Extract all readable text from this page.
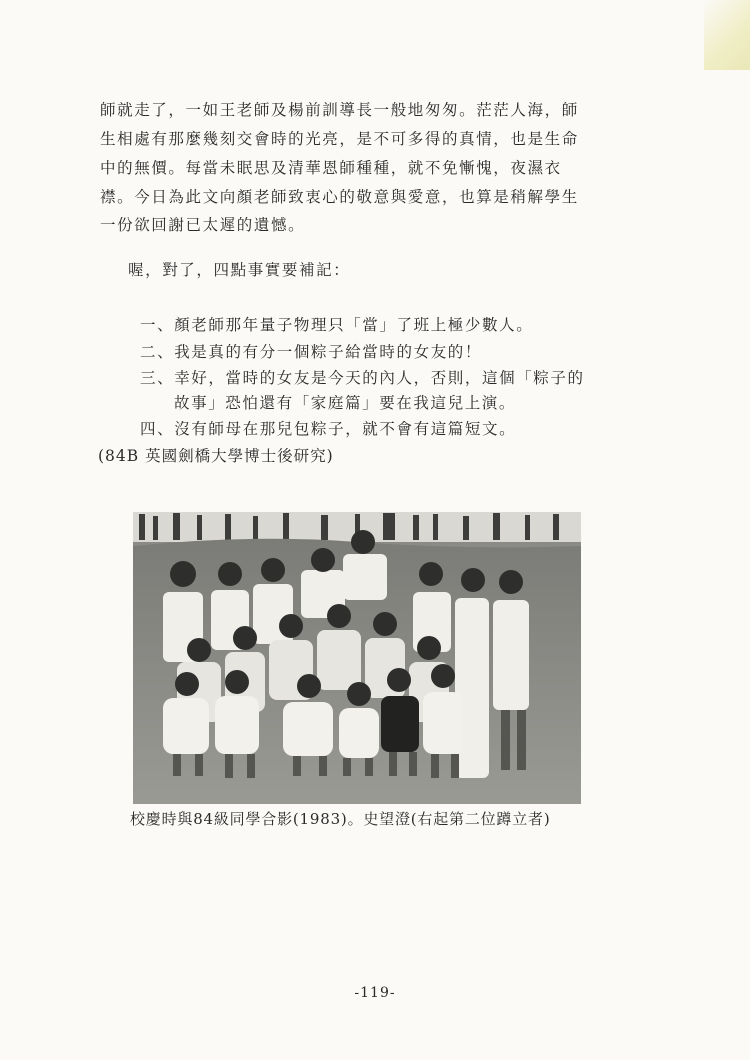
師就走了，一如王老師及楊前訓導長一般地匆匆。茫茫人海，師
生相處有那麼幾刻交會時的光亮，是不可多得的真情，也是生命
中的無價。每當未眠思及清華恩師種種，就不免慚愧，夜濕衣
襟。今日為此文向顏老師致衷心的敬意與愛意，也算是稍解學生
一份欲回謝已太遲的遺憾。
喔，對了，四點事實要補記：
一、顏老師那年量子物理只「當」了班上極少數人。
二、我是真的有分一個粽子給當時的女友的！
三、幸好，當時的女友是今天的內人，否則，這個「粽子的
故事」恐怕還有「家庭篇」要在我這兒上演。
四、沒有師母在那兒包粽子，就不會有這篇短文。
(84B 英國劍橋大學博士後研究)
校慶時與84級同學合影(1983)。史望澄(右起第二位蹲立者)
-119-
